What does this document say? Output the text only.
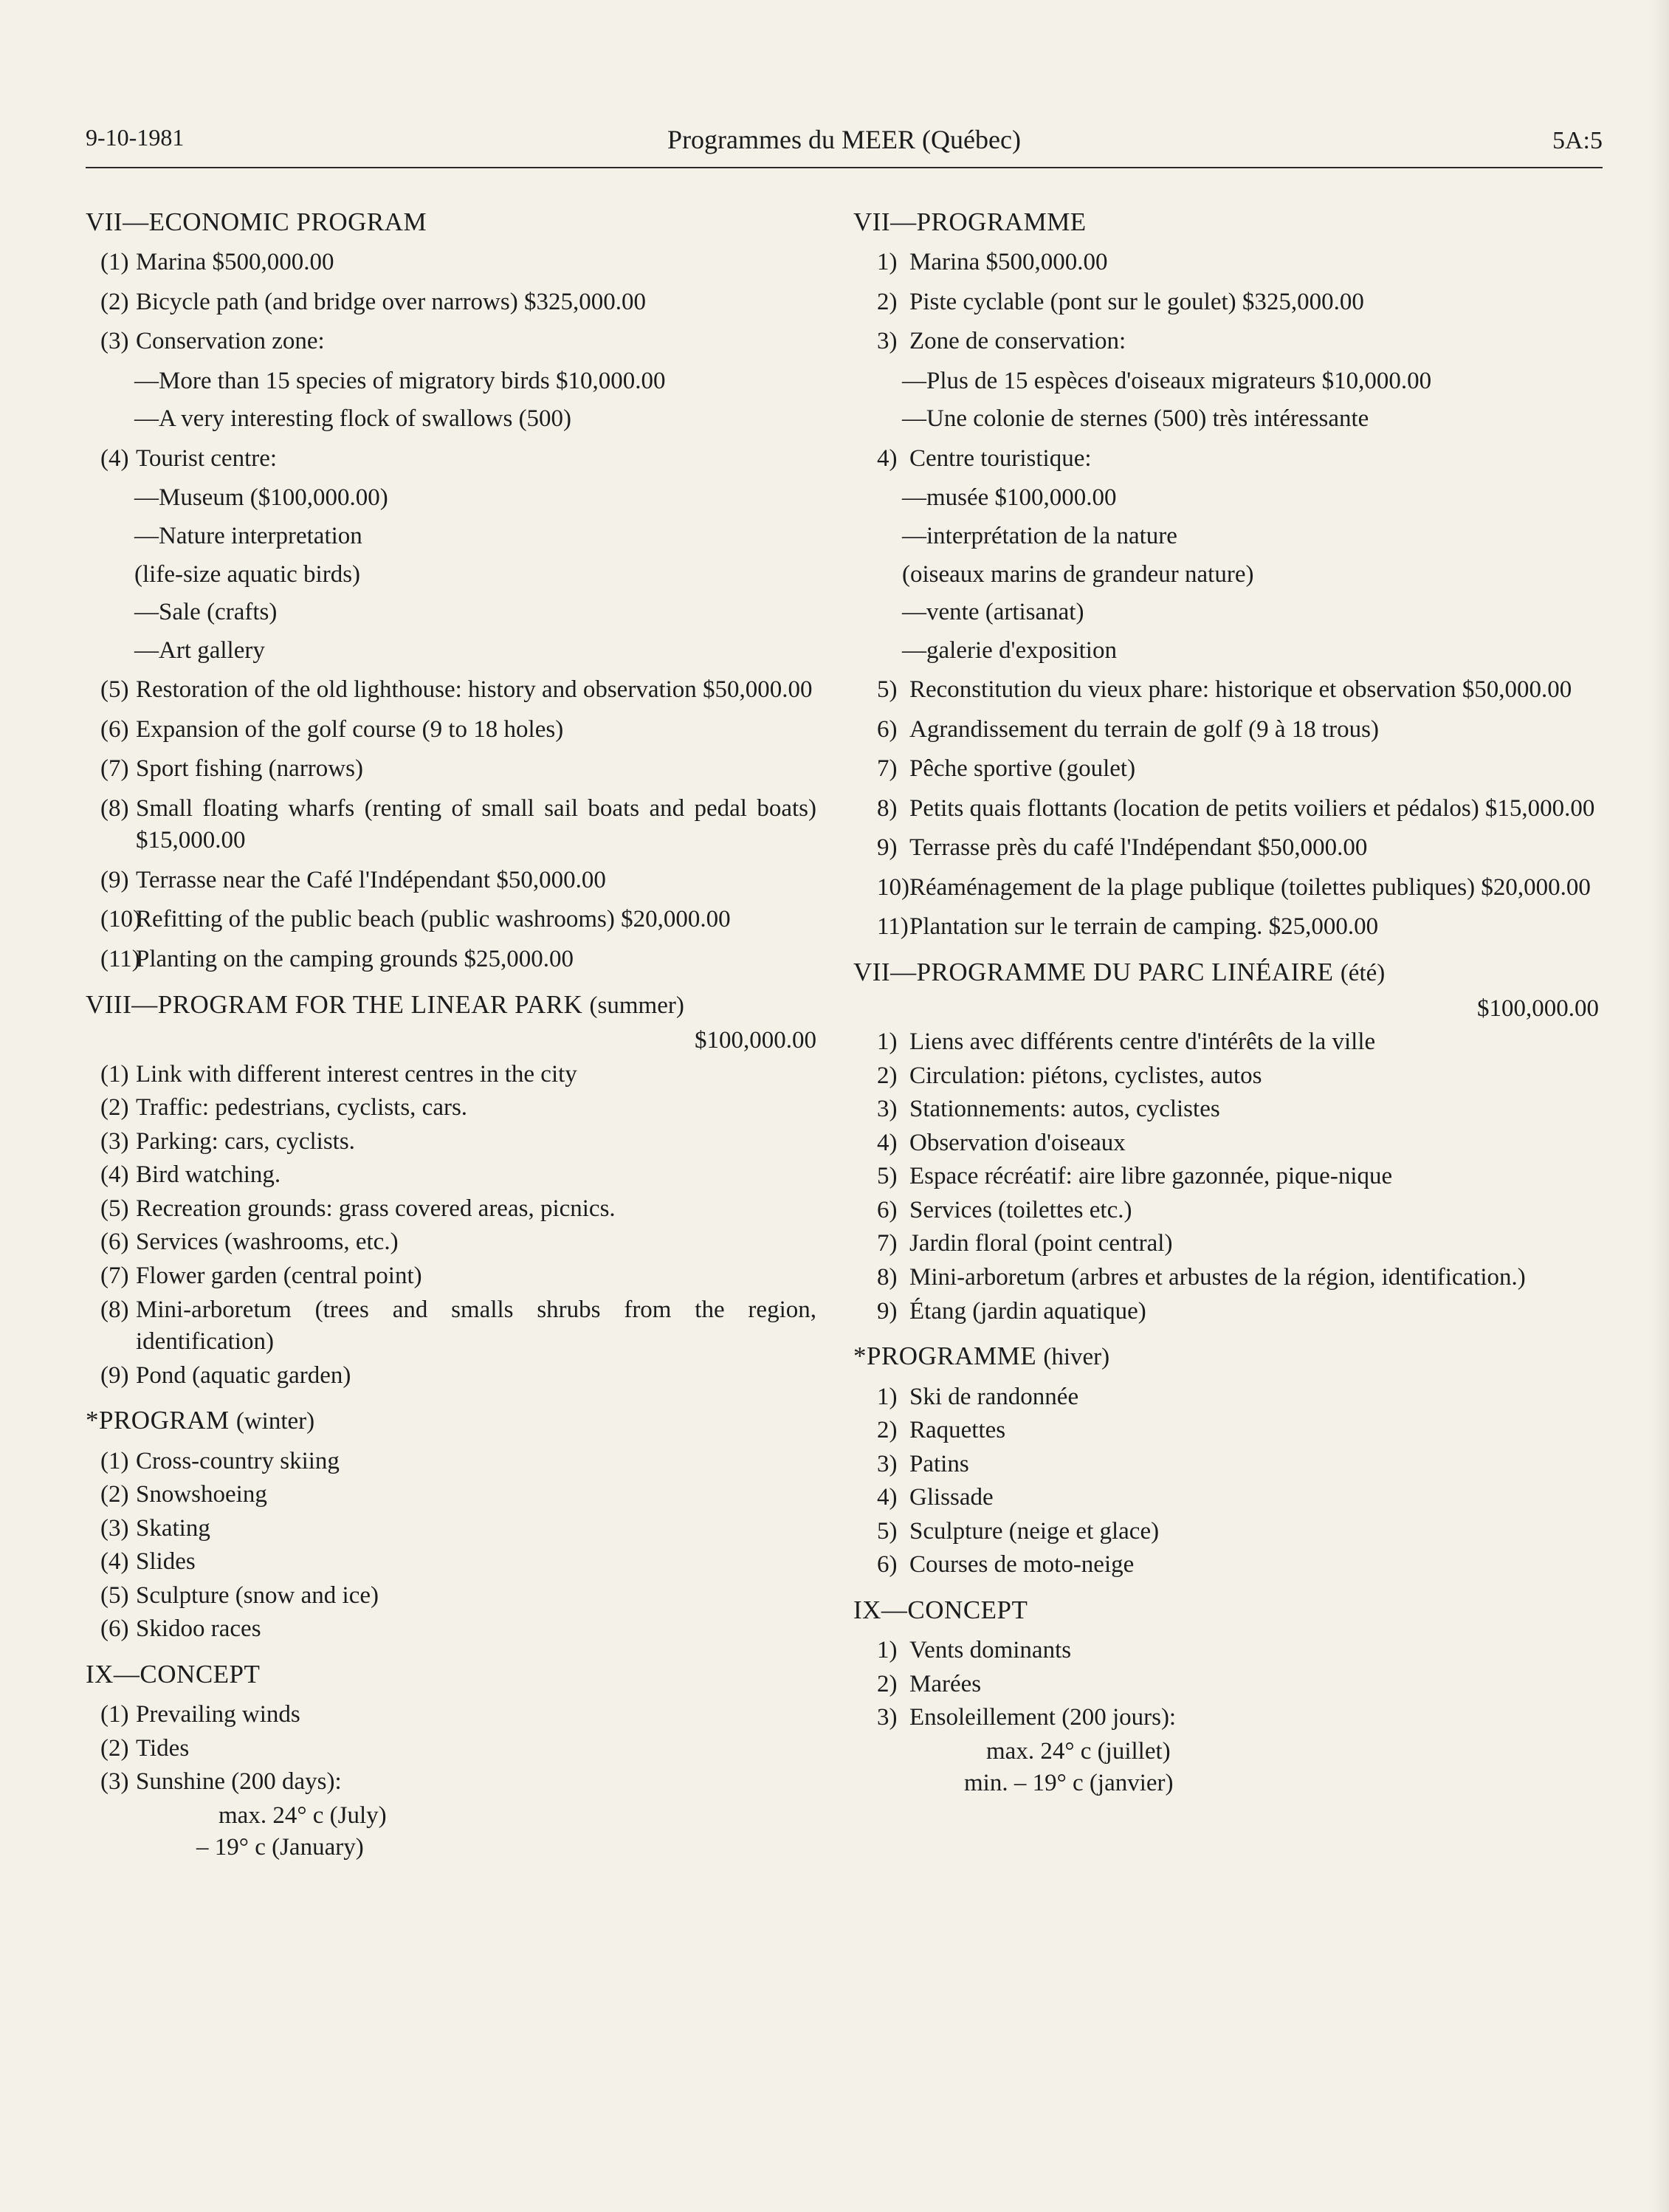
9-10-1981	Programmes du MEER (Québec)	5A:5
VII—ECONOMIC PROGRAM
(1) Marina $500,000.00
(2) Bicycle path (and bridge over narrows) $325,000.00
(3) Conservation zone:
—More than 15 species of migratory birds $10,000.00
—A very interesting flock of swallows (500)
(4) Tourist centre:
—Museum ($100,000.00)
—Nature interpretation
(life-size aquatic birds)
—Sale (crafts)
—Art gallery
(5) Restoration of the old lighthouse: history and observation $50,000.00
(6) Expansion of the golf course (9 to 18 holes)
(7) Sport fishing (narrows)
(8) Small floating wharfs (renting of small sail boats and pedal boats) $15,000.00
(9) Terrasse near the Café l'Indépendant $50,000.00
(10)
Refitting of the public beach (public washrooms) $20,000.00
(11)
Planting on the camping grounds $25,000.00
VIII—PROGRAM FOR THE LINEAR PARK (summer)
$100,000.00
(1) Link with different interest centres in the city
(2) Traffic: pedestrians, cyclists, cars.
(3) Parking: cars, cyclists.
(4) Bird watching.
(5) Recreation grounds: grass covered areas, picnics.
(6) Services (washrooms, etc.)
(7) Flower garden (central point)
(8) Mini-arboretum (trees and smalls shrubs from the region, identification)
(9) Pond (aquatic garden)
*PROGRAM (winter)
(1) Cross-country skiing
(2) Snowshoeing
(3) Skating
(4) Slides
(5) Sculpture (snow and ice)
(6) Skidoo races
IX—CONCEPT
(1) Prevailing winds
(2) Tides
(3) Sunshine (200 days):
max. 24° c (July)
– 19° c (January)
VII—PROGRAMME
1) Marina $500,000.00
2) Piste cyclable (pont sur le goulet) $325,000.00
3) Zone de conservation:
—Plus de 15 espèces d'oiseaux migrateurs $10,000.00
—Une colonie de sternes (500) très intéressante
4) Centre touristique:
—musée $100,000.00
—interprétation de la nature
(oiseaux marins de grandeur nature)
—vente (artisanat)
—galerie d'exposition
5) Reconstitution du vieux phare: historique et observation $50,000.00
6) Agrandissement du terrain de golf (9 à 18 trous)
7) Pêche sportive (goulet)
8) Petits quais flottants (location de petits voiliers et pédalos) $15,000.00
9) Terrasse près du café l'Indépendant $50,000.00
10) Réaménagement de la plage publique (toilettes publiques) $20,000.00
11) Plantation sur le terrain de camping. $25,000.00
VII—PROGRAMME DU PARC LINÉAIRE (été)
$100,000.00
1) Liens avec différents centre d'intérêts de la ville
2) Circulation: piétons, cyclistes, autos
3) Stationnements: autos, cyclistes
4) Observation d'oiseaux
5) Espace récréatif: aire libre gazonnée, pique-nique
6) Services (toilettes etc.)
7) Jardin floral (point central)
8) Mini-arboretum (arbres et arbustes de la région, identification.)
9) Étang (jardin aquatique)
*PROGRAMME (hiver)
1) Ski de randonnée
2) Raquettes
3) Patins
4) Glissade
5) Sculpture (neige et glace)
6) Courses de moto-neige
IX—CONCEPT
1) Vents dominants
2) Marées
3) Ensoleillement (200 jours):
max. 24° c (juillet)
min. – 19° c (janvier)
